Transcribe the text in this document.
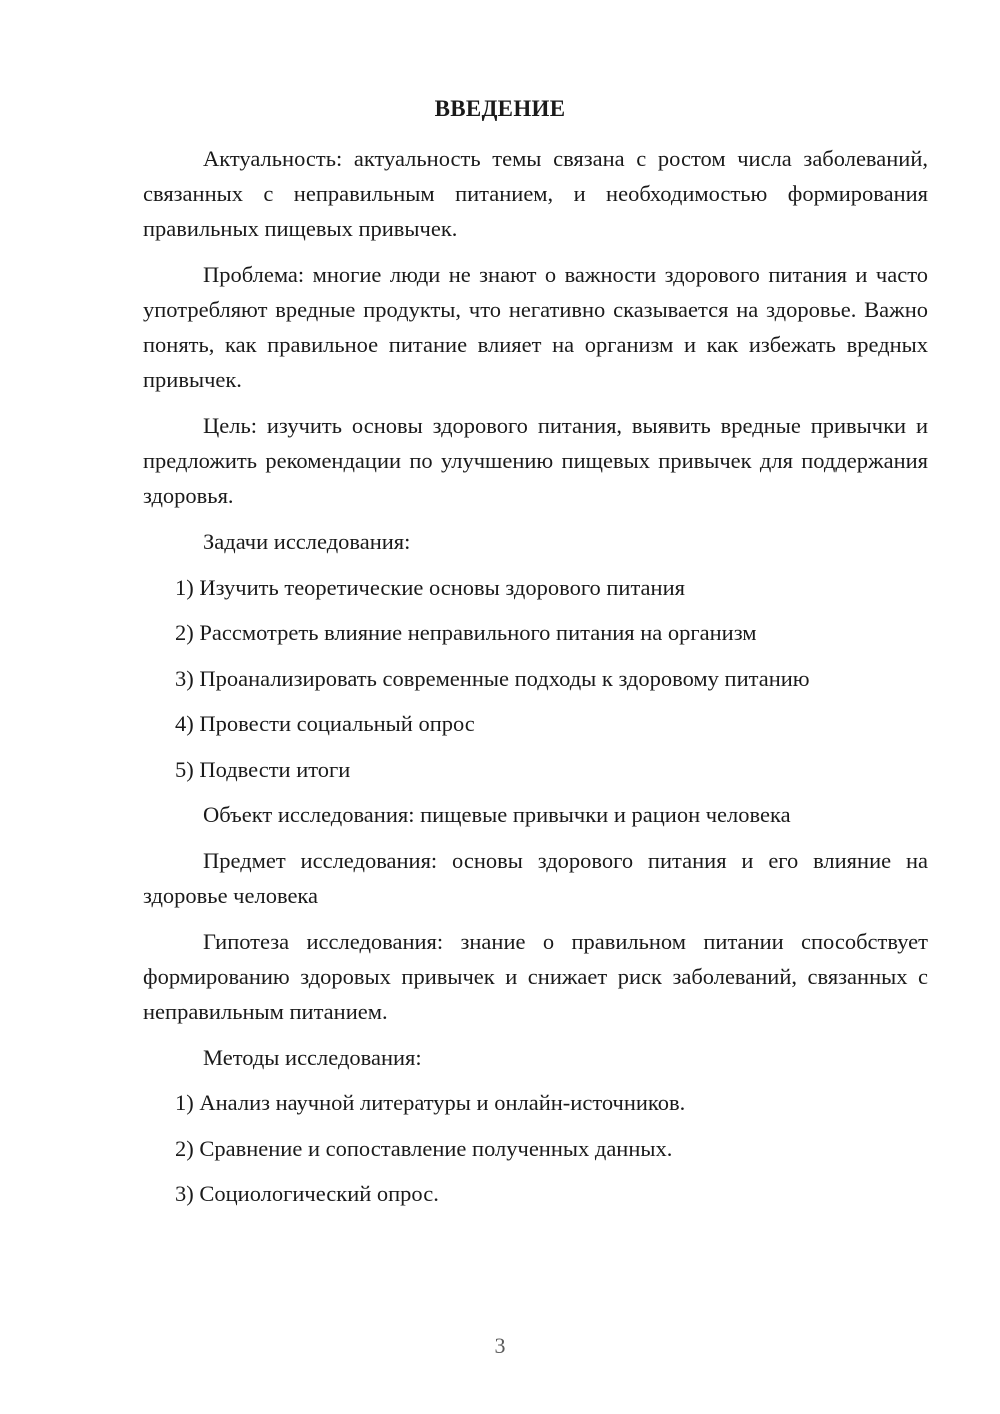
ВВЕДЕНИЕ

Актуальность: актуальность темы связана с ростом числа заболеваний, связанных с неправильным питанием, и необходимостью формирования правильных пищевых привычек.

Проблема: многие люди не знают о важности здорового питания и часто употребляют вредные продукты, что негативно сказывается на здоровье. Важно понять, как правильное питание влияет на организм и как избежать вредных привычек.

Цель: изучить основы здорового питания, выявить вредные привычки и предложить рекомендации по улучшению пищевых привычек для поддержания здоровья.

Задачи исследования:

1) Изучить теоретические основы здорового питания

2) Рассмотреть влияние неправильного питания на организм

3) Проанализировать современные подходы к здоровому питанию

4) Провести социальный опрос

5) Подвести итоги

Объект исследования: пищевые привычки и рацион человека

Предмет исследования: основы здорового питания и его влияние на здоровье человека

Гипотеза исследования: знание о правильном питании способствует формированию здоровых привычек и снижает риск заболеваний, связанных с неправильным питанием.

Методы исследования:

1) Анализ научной литературы и онлайн-источников.

2) Сравнение и сопоставление полученных данных.

3) Социологический опрос.

3
